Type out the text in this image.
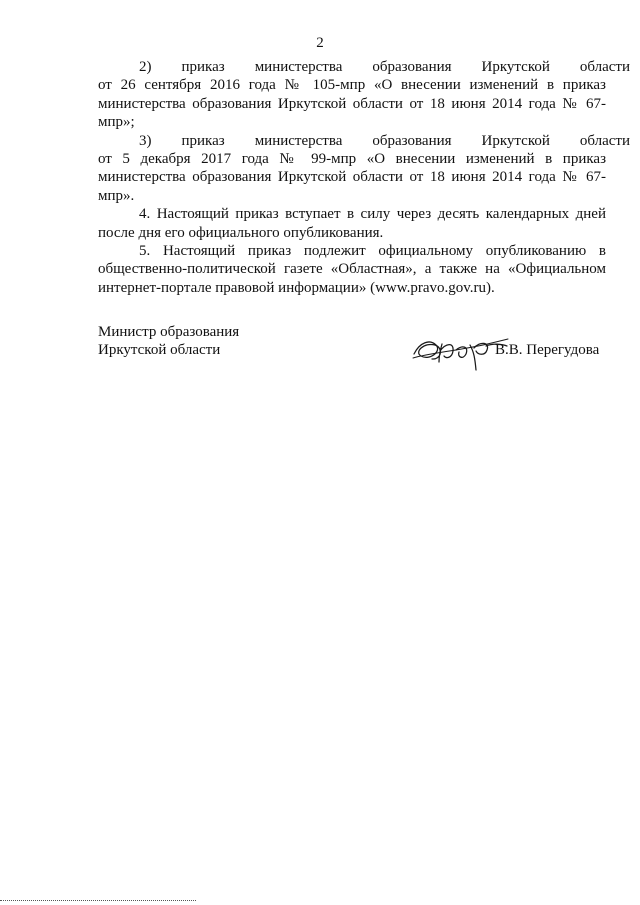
2

2)        приказ        министерства        образования        Иркутской        области от 26 сентября 2016 года № 105-мпр «О внесении изменений в приказ министерства образования Иркутской области от 18 июня 2014 года № 67-мпр»;

3)        приказ        министерства        образования        Иркутской        области от 5 декабря 2017 года № 99-мпр «О внесении изменений в приказ министерства образования Иркутской области от 18 июня 2014 года № 67-мпр».

4. Настоящий приказ вступает в силу через десять календарных дней после дня его официального опубликования.

5. Настоящий приказ подлежит официальному опубликованию в общественно-политической газете «Областная», а также на «Официальном интернет-портале правовой информации» (www.pravo.gov.ru).

Министр образования
Иркутской области	В.В. Перегудова
